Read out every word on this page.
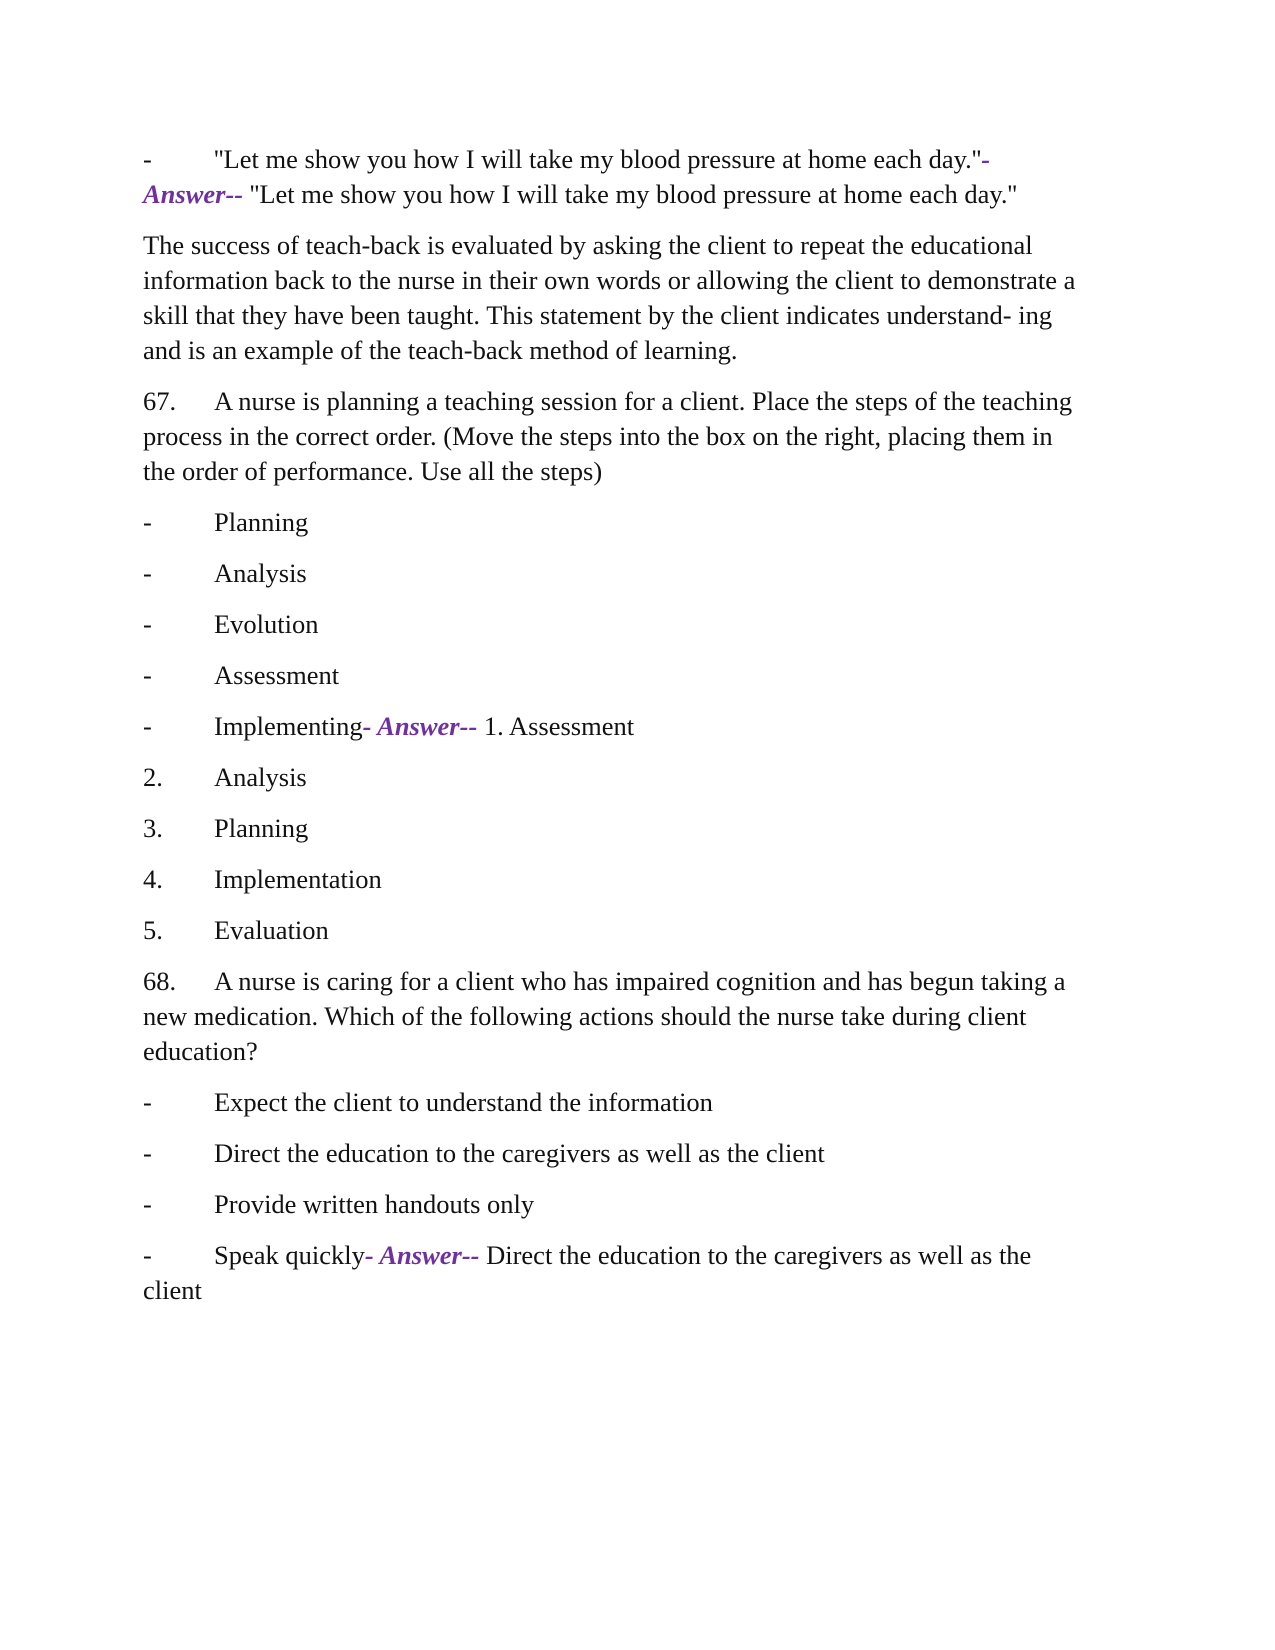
- ''Let me show you how I will take my blood pressure at home each day.''- Answer-- ''Let me show you how I will take my blood pressure at home each day.''

The success of teach-back is evaluated by asking the client to repeat the educational information back to the nurse in their own words or allowing the client to demonstrate a skill that they have been taught. This statement by the client indicates understand- ing and is an example of the teach-back method of learning.

67. A nurse is planning a teaching session for a client. Place the steps of the teaching process in the correct order. (Move the steps into the box on the right, placing them in the order of performance. Use all the steps)

- Planning

- Analysis

- Evolution

- Assessment

- Implementing- Answer-- 1. Assessment

2. Analysis

3. Planning

4. Implementation

5. Evaluation

68. A nurse is caring for a client who has impaired cognition and has begun taking a new medication. Which of the following actions should the nurse take during client education?

- Expect the client to understand the information

- Direct the education to the caregivers as well as the client

- Provide written handouts only

- Speak quickly- Answer-- Direct the education to the caregivers as well as the client
